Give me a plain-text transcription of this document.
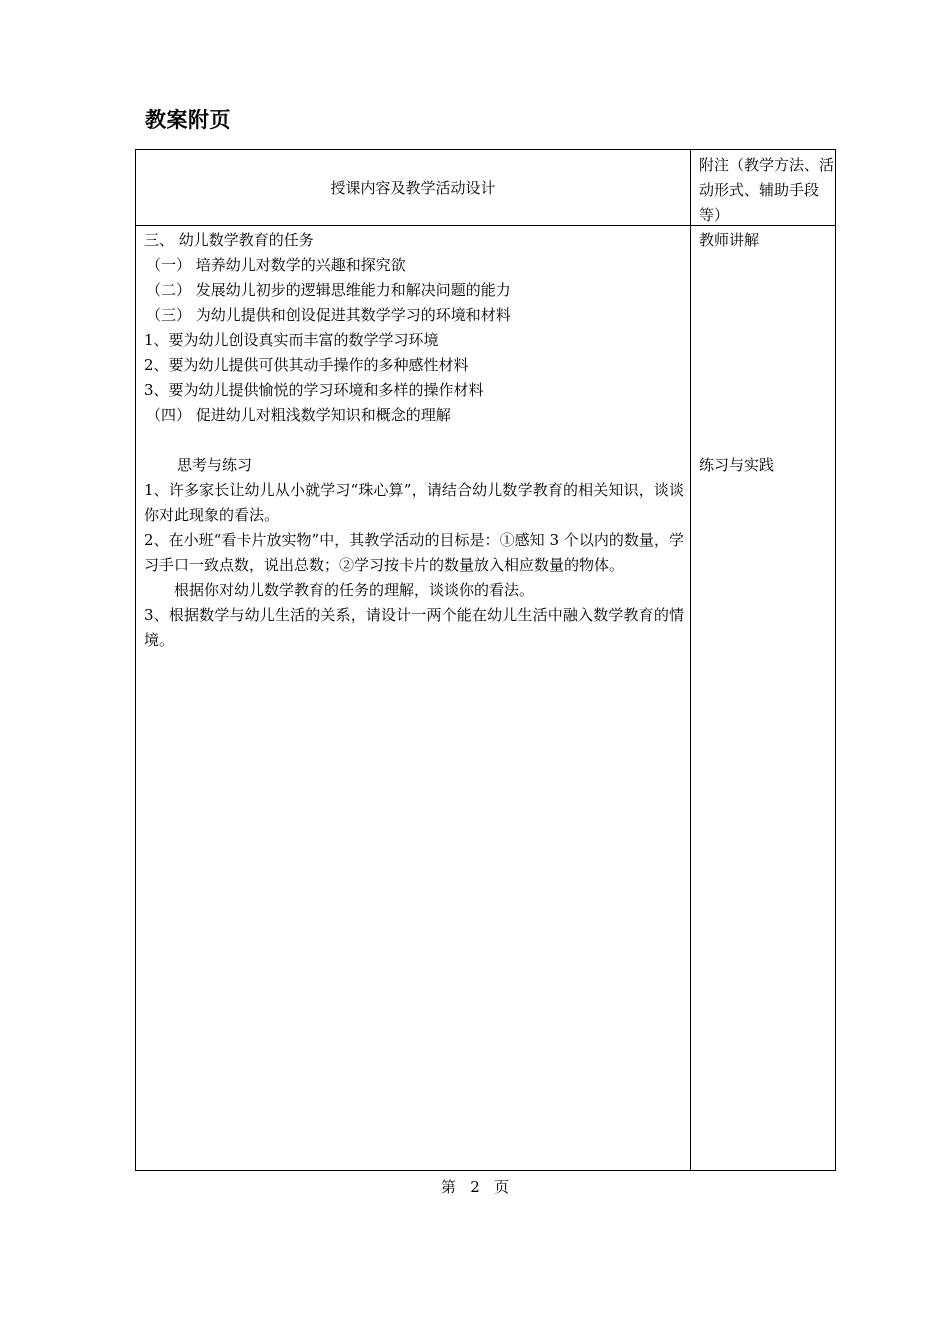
教案附页
授课内容及教学活动设计
附注（教学方法、活动形式、辅助手段等）
三、 幼儿数学教育的任务
（一） 培养幼儿对数学的兴趣和探究欲
（二） 发展幼儿初步的逻辑思维能力和解决问题的能力
（三） 为幼儿提供和创设促进其数学学习的环境和材料
1、要为幼儿创设真实而丰富的数学学习环境
2、要为幼儿提供可供其动手操作的多种感性材料
3、要为幼儿提供愉悦的学习环境和多样的操作材料
（四） 促进幼儿对粗浅数学知识和概念的理解
思考与练习
1、许多家长让幼儿从小就学习“珠心算”，请结合幼儿数学教育的相关知识，谈谈你对此现象的看法。
2、在小班“看卡片放实物”中，其教学活动的目标是：①感知 3 个以内的数量，学习手口一致点数，说出总数；②学习按卡片的数量放入相应数量的物体。
根据你对幼儿数学教育的任务的理解，谈谈你的看法。
3、根据数学与幼儿生活的关系，请设计一两个能在幼儿生活中融入数学教育的情境。
教师讲解
练习与实践
第   2   页
